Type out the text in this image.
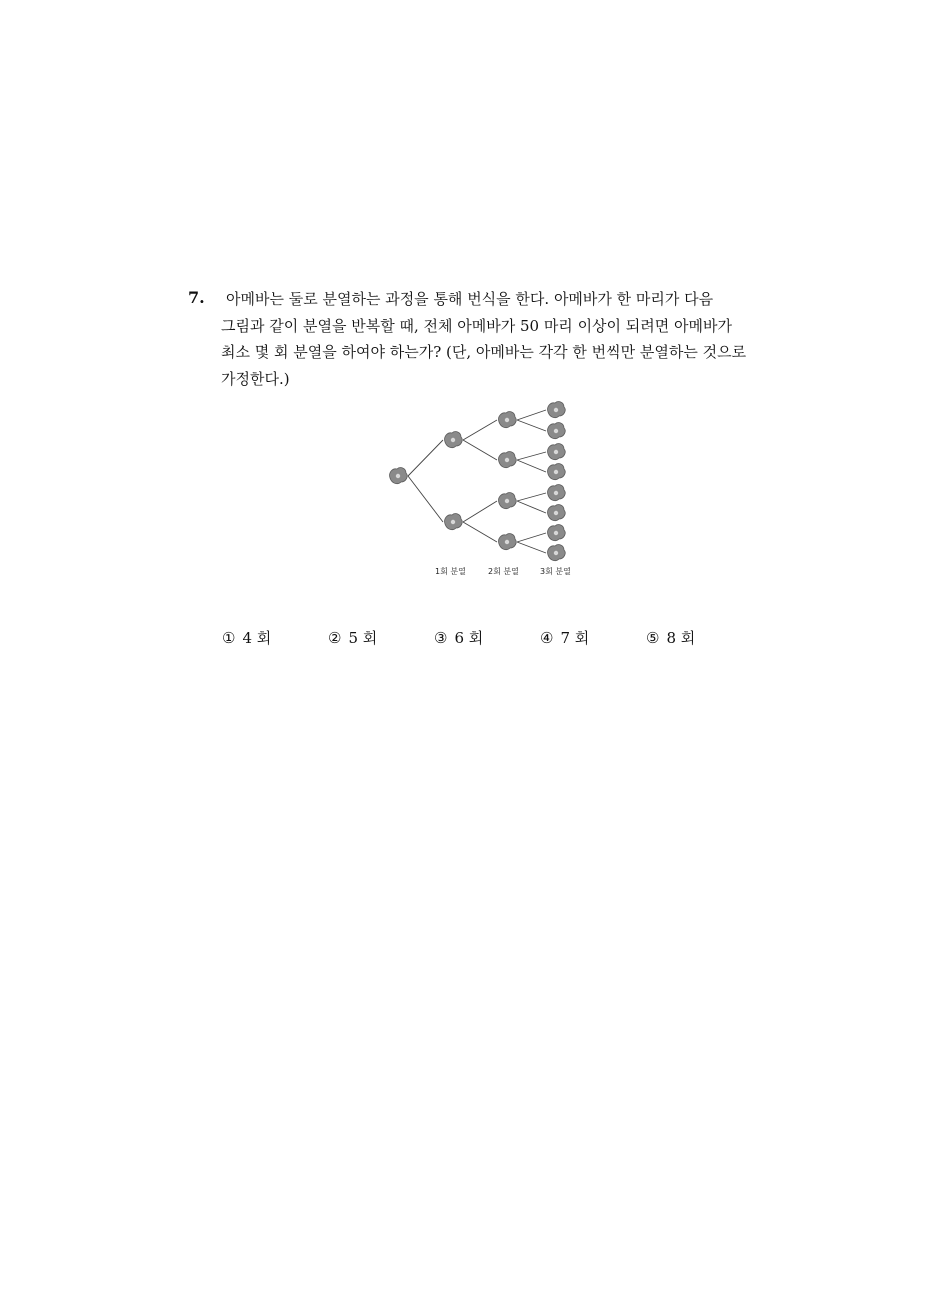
7.	아메바는 둘로 분열하는 과정을 통해 번식을 한다. 아메바가 한 마리가 다음
그림과 같이 분열을 반복할 때, 전체 아메바가 50 마리 이상이 되려면 아메바가
최소 몇 회 분열을 하여야 하는가? (단, 아메바는 각각 한 번씩만 분열하는 것으로
가정한다.)
1회 분열	2회 분열	3회 분열
① 4 회	② 5 회	③ 6 회	④ 7 회	⑤ 8 회
